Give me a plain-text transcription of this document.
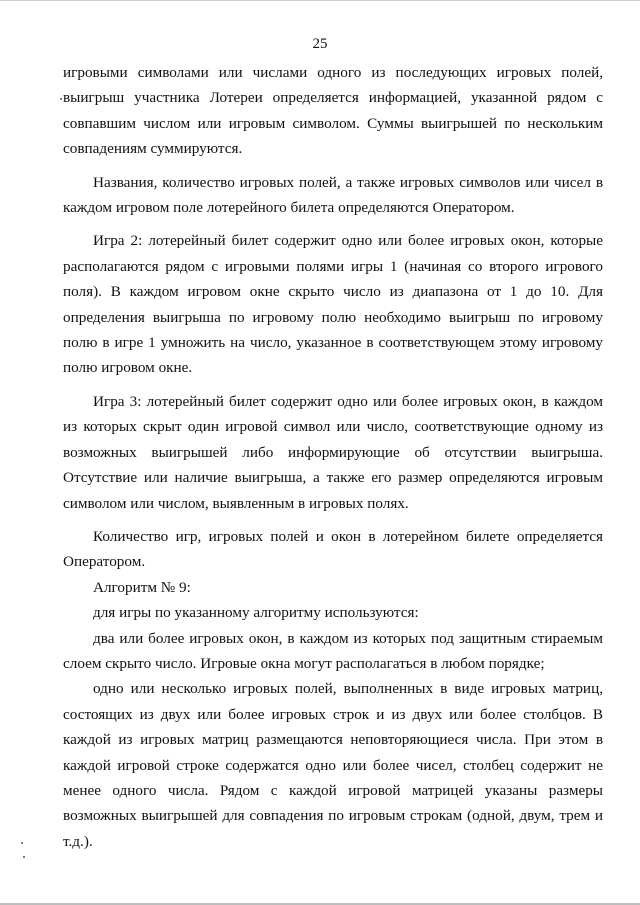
25

игровыми символами или числами одного из последующих игровых полей, выигрыш участника Лотереи определяется информацией, указанной рядом с совпавшим числом или игровым символом. Суммы выигрышей по нескольким совпадениям суммируются.

Названия, количество игровых полей, а также игровых символов или чисел в каждом игровом поле лотерейного билета определяются Оператором.

Игра 2: лотерейный билет содержит одно или более игровых окон, которые располагаются рядом с игровыми полями игры 1 (начиная со второго игрового поля). В каждом игровом окне скрыто число из диапазона от 1 до 10. Для определения выигрыша по игровому полю необходимо выигрыш по игровому полю в игре 1 умножить на число, указанное в соответствующем этому игровому полю игровом окне.

Игра 3: лотерейный билет содержит одно или более игровых окон, в каждом из которых скрыт один игровой символ или число, соответствующие одному из возможных выигрышей либо информирующие об отсутствии выигрыша. Отсутствие или наличие выигрыша, а также его размер определяются игровым символом или числом, выявленным в игровых полях.

Количество игр, игровых полей и окон в лотерейном билете определяется Оператором.

Алгоритм № 9:

для игры по указанному алгоритму используются:

два или более игровых окон, в каждом из которых под защитным стираемым слоем скрыто число. Игровые окна могут располагаться в любом порядке;

одно или несколько игровых полей, выполненных в виде игровых матриц, состоящих из двух или более игровых строк и из двух или более столбцов. В каждой из игровых матриц размещаются неповторяющиеся числа. При этом в каждой игровой строке содержатся одно или более чисел, столбец содержит не менее одного числа. Рядом с каждой игровой матрицей указаны размеры возможных выигрышей для совпадения по игровым строкам (одной, двум, трем и т.д.).
